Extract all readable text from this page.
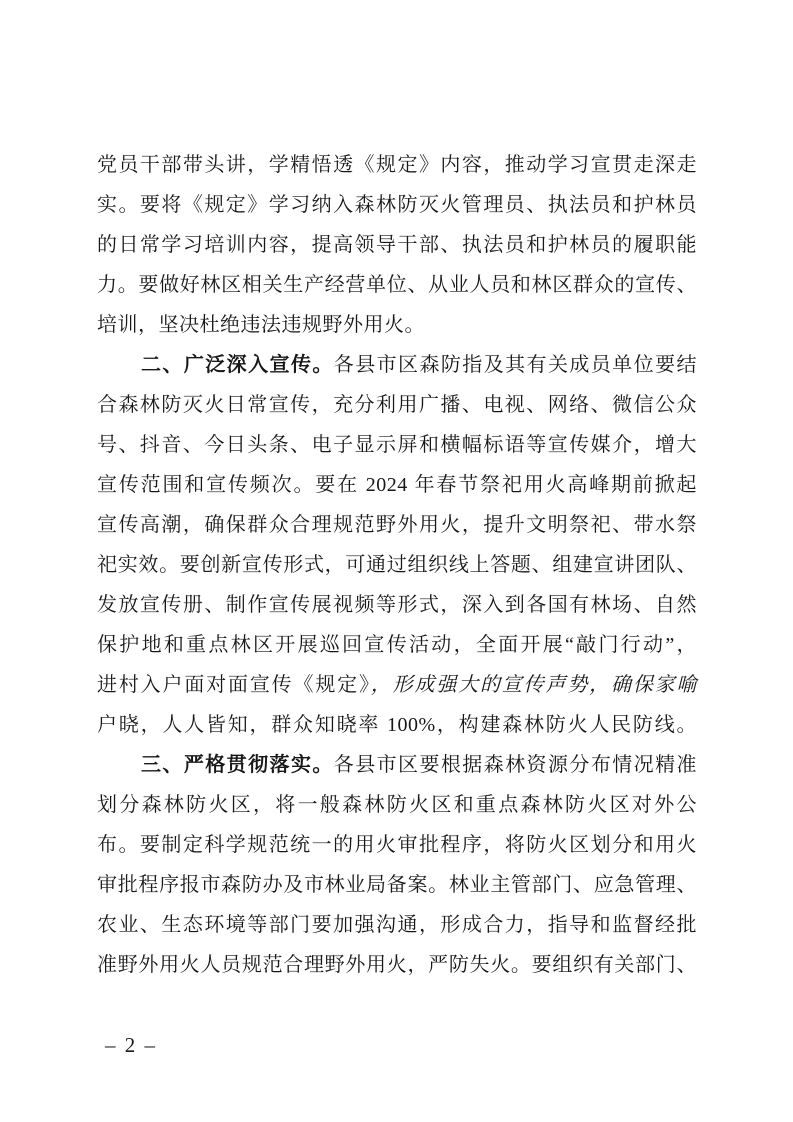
党员干部带头讲，学精悟透《规定》内容，推动学习宣贯走深走
实。要将《规定》学习纳入森林防灭火管理员、执法员和护林员
的日常学习培训内容，提高领导干部、执法员和护林员的履职能
力。要做好林区相关生产经营单位、从业人员和林区群众的宣传、
培训，坚决杜绝违法违规野外用火。
二、广泛深入宣传。各县市区森防指及其有关成员单位要结
合森林防灭火日常宣传，充分利用广播、电视、网络、微信公众
号、抖音、今日头条、电子显示屏和横幅标语等宣传媒介，增大
宣传范围和宣传频次。要在 2024 年春节祭祀用火高峰期前掀起
宣传高潮，确保群众合理规范野外用火，提升文明祭祀、带水祭
祀实效。要创新宣传形式，可通过组织线上答题、组建宣讲团队、
发放宣传册、制作宣传展视频等形式，深入到各国有林场、自然
保护地和重点林区开展巡回宣传活动，全面开展“敲门行动”，
进村入户面对面宣传《规定》，形成强大的宣传声势，确保家喻
户晓，人人皆知，群众知晓率 100%，构建森林防火人民防线。
三、严格贯彻落实。各县市区要根据森林资源分布情况精准
划分森林防火区，将一般森林防火区和重点森林防火区对外公
布。要制定科学规范统一的用火审批程序，将防火区划分和用火
审批程序报市森防办及市林业局备案。林业主管部门、应急管理、
农业、生态环境等部门要加强沟通，形成合力，指导和监督经批
准野外用火人员规范合理野外用火，严防失火。要组织有关部门、
– 2 –
